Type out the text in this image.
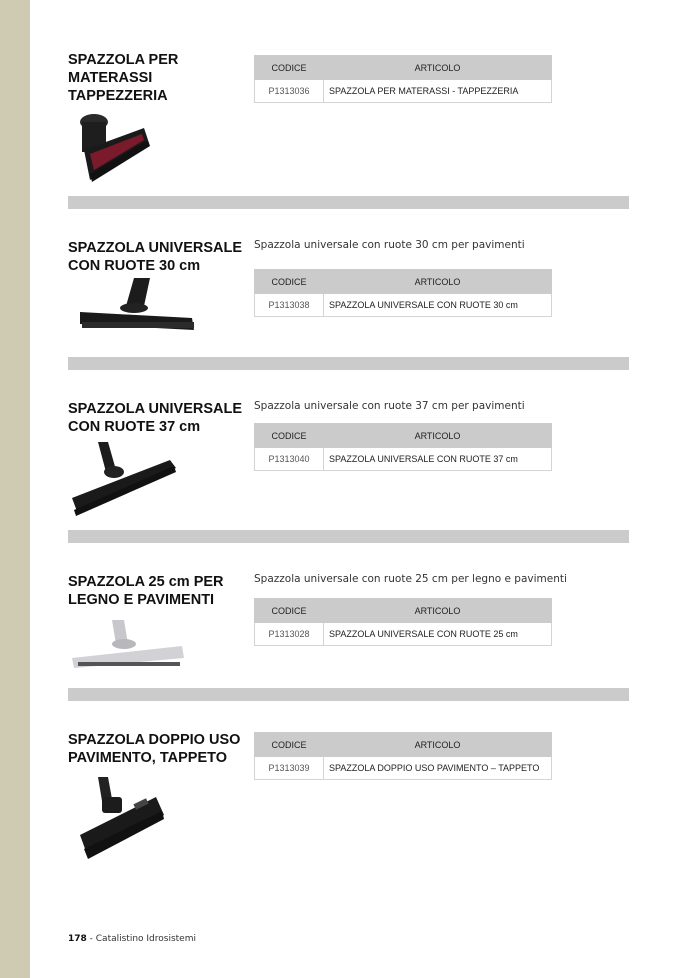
SPAZZOLA PER
MATERASSI
TAPPEZZERIA
CODICE	ARTICOLO
P1313036	SPAZZOLA PER MATERASSI - TAPPEZZERIA
SPAZZOLA UNIVERSALE
CON RUOTE 30 cm
Spazzola universale con ruote 30 cm per pavimenti
CODICE	ARTICOLO
P1313038	SPAZZOLA UNIVERSALE CON RUOTE 30 cm
SPAZZOLA UNIVERSALE
CON RUOTE 37 cm
Spazzola universale con ruote 37 cm per pavimenti
CODICE	ARTICOLO
P1313040	SPAZZOLA UNIVERSALE CON RUOTE 37 cm
SPAZZOLA 25 cm PER
LEGNO E PAVIMENTI
Spazzola universale con ruote 25 cm per legno e pavimenti
CODICE	ARTICOLO
P1313028	SPAZZOLA UNIVERSALE CON RUOTE 25 cm
SPAZZOLA DOPPIO USO
PAVIMENTO, TAPPETO
CODICE	ARTICOLO
P1313039	SPAZZOLA DOPPIO USO PAVIMENTO – TAPPETO
178 - Catalistino Idrosistemi
